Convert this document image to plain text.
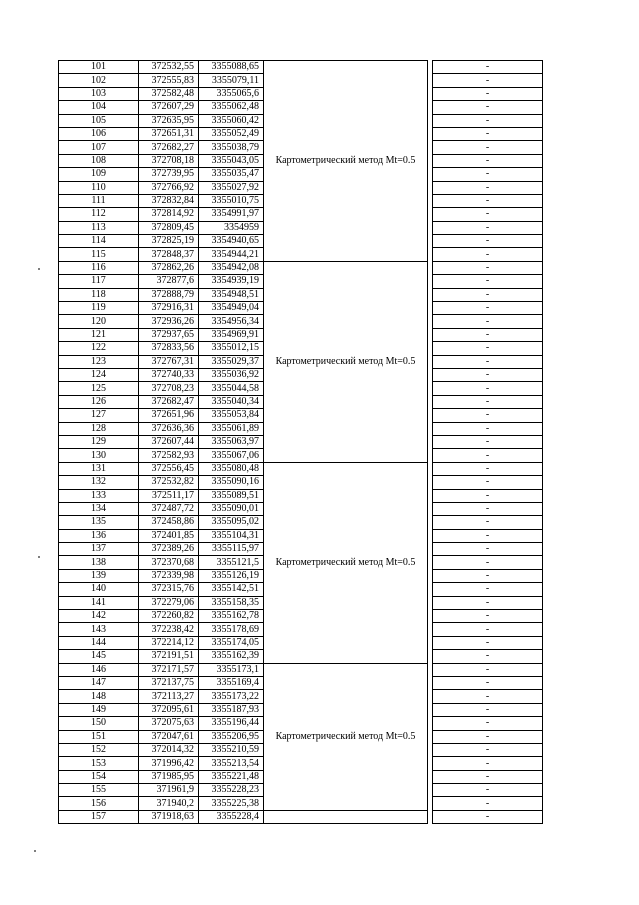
101	372532,55	3355088,65	Картометрический метод Mt=0.5		-
102	372555,83	3355079,11			-
103	372582,48	3355065,6			-
104	372607,29	3355062,48			-
105	372635,95	3355060,42			-
106	372651,31	3355052,49			-
107	372682,27	3355038,79			-
108	372708,18	3355043,05			-
109	372739,95	3355035,47			-
110	372766,92	3355027,92			-
111	372832,84	3355010,75			-
112	372814,92	3354991,97			-
113	372809,45	3354959			-
114	372825,19	3354940,65			-
115	372848,37	3354944,21			-
116	372862,26	3354942,08	Картометрический метод Mt=0.5		-
117	372877,6	3354939,19			-
118	372888,79	3354948,51			-
119	372916,31	3354949,04			-
120	372936,26	3354956,34			-
121	372937,65	3354969,91			-
122	372833,56	3355012,15			-
123	372767,31	3355029,37			-
124	372740,33	3355036,92			-
125	372708,23	3355044,58			-
126	372682,47	3355040,34			-
127	372651,96	3355053,84			-
128	372636,36	3355061,89			-
129	372607,44	3355063,97			-
130	372582,93	3355067,06			-
131	372556,45	3355080,48	Картометрический метод Mt=0.5		-
132	372532,82	3355090,16			-
133	372511,17	3355089,51			-
134	372487,72	3355090,01			-
135	372458,86	3355095,02			-
136	372401,85	3355104,31			-
137	372389,26	3355115,97			-
138	372370,68	3355121,5			-
139	372339,98	3355126,19			-
140	372315,76	3355142,51			-
141	372279,06	3355158,35			-
142	372260,82	3355162,78			-
143	372238,42	3355178,69			-
144	372214,12	3355174,05			-
145	372191,51	3355162,39			-
146	372171,57	3355173,1	Картометрический метод Mt=0.5		-
147	372137,75	3355169,4			-
148	372113,27	3355173,22			-
149	372095,61	3355187,93			-
150	372075,63	3355196,44			-
151	372047,61	3355206,95			-
152	372014,32	3355210,59			-
153	371996,42	3355213,54			-
154	371985,95	3355221,48			-
155	371961,9	3355228,23			-
156	371940,2	3355225,38			-
157	371918,63	3355228,4			-
